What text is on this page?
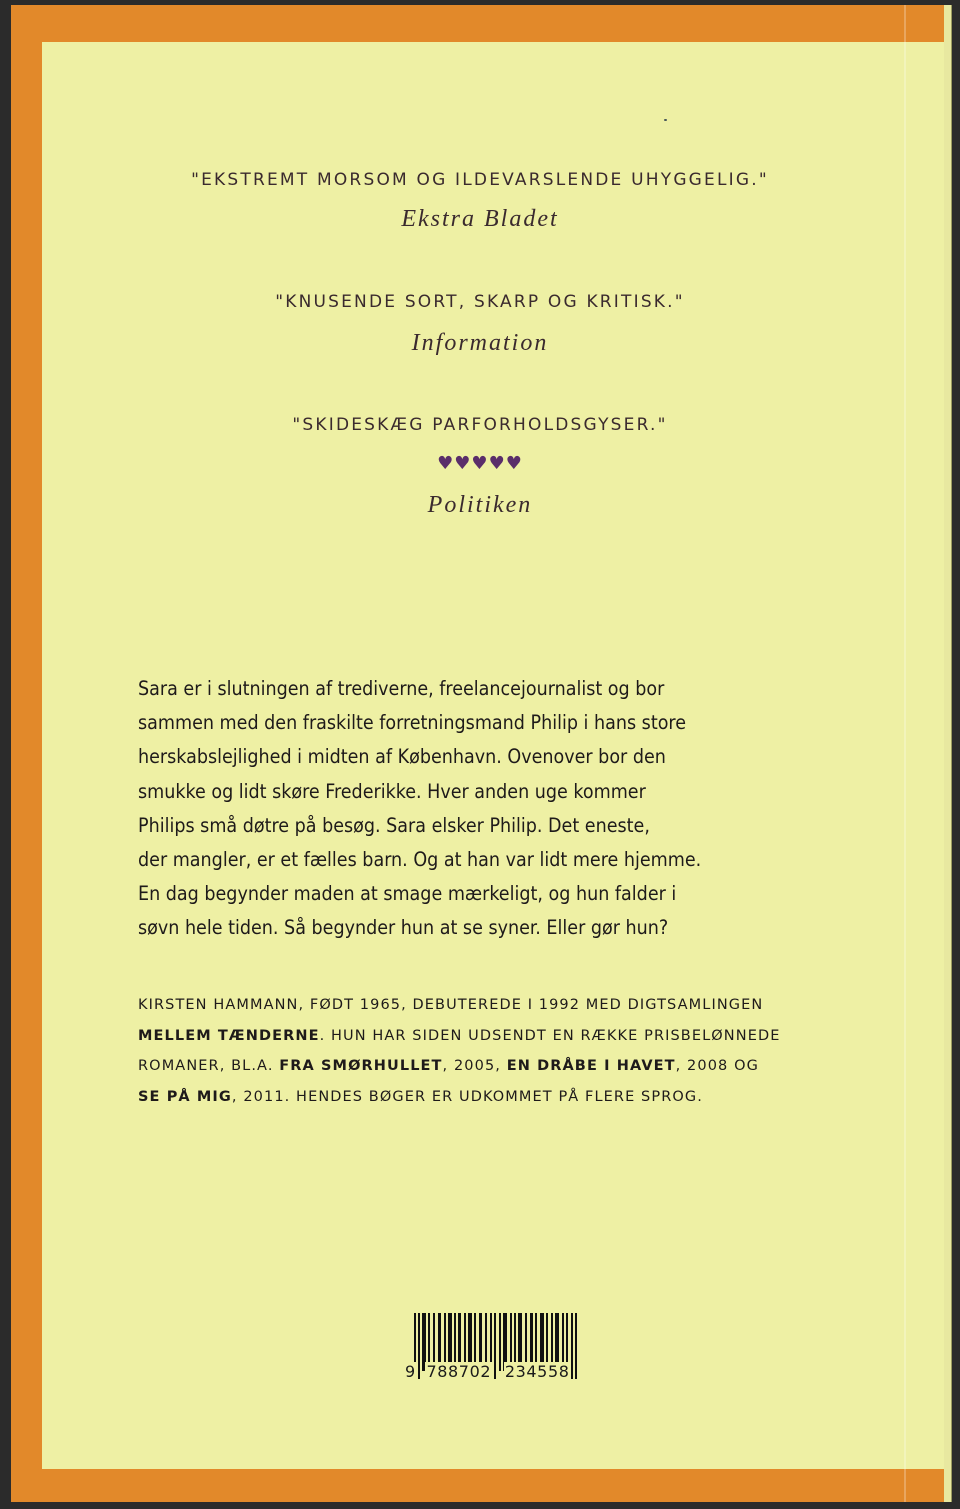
"EKSTREMT MORSOM OG ILDEVARSLENDE UHYGGELIG."
Ekstra Bladet
"KNUSENDE SORT, SKARP OG KRITISK."
Information
"SKIDESKÆG PARFORHOLDSGYSER."
♥♥♥♥♥
Politiken
Sara er i slutningen af trediverne, freelancejournalist og bor
sammen med den fraskilte forretningsmand Philip i hans store
herskabslejlighed i midten af København. Ovenover bor den
smukke og lidt skøre Frederikke. Hver anden uge kommer
Philips små døtre på besøg. Sara elsker Philip. Det eneste,
der mangler, er et fælles barn. Og at han var lidt mere hjemme.
En dag begynder maden at smage mærkeligt, og hun falder i
søvn hele tiden. Så begynder hun at se syner. Eller gør hun?
KIRSTEN HAMMANN, FØDT 1965, DEBUTEREDE I 1992 MED DIGTSAMLINGEN
MELLEM TÆNDERNE. HUN HAR SIDEN UDSENDT EN RÆKKE PRISBELØNNEDE
ROMANER, BL.A. FRA SMØRHULLET, 2005, EN DRÅBE I HAVET, 2008 OG
SE PÅ MIG, 2011. HENDES BØGER ER UDKOMMET PÅ FLERE SPROG.
9 788702 234558
